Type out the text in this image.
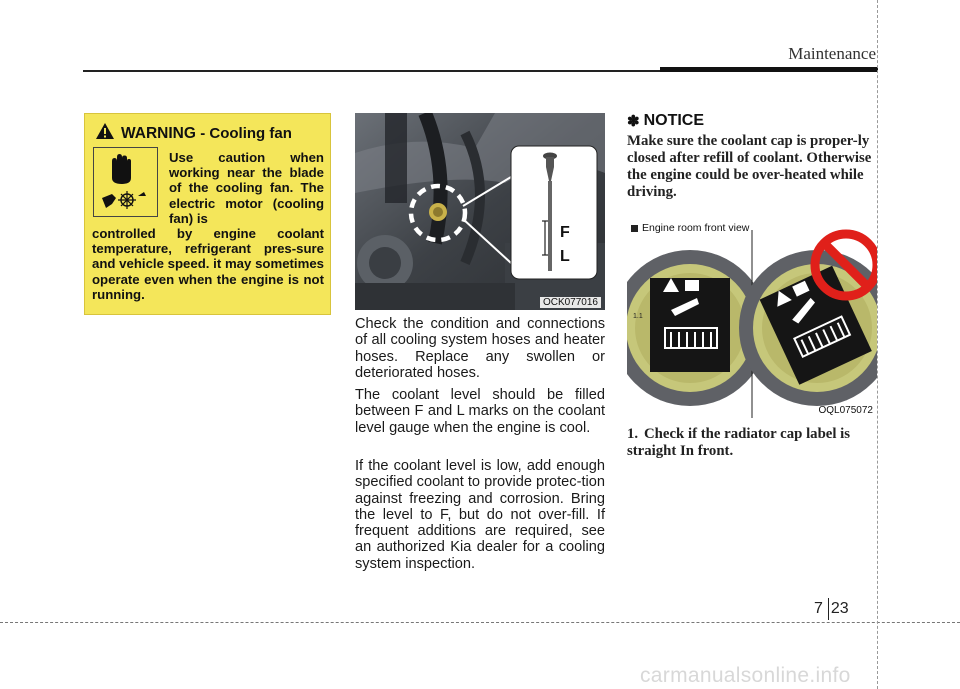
Maintenance
WARNING
- Cooling fan
Use caution when working near the blade of the cooling fan. The electric motor (cooling fan) is
controlled by engine coolant temperature, refrigerant pres-sure and vehicle speed. it may sometimes operate even when the engine is not running.
F
L
OCK077016
Check the condition and connections of all cooling system hoses and heater hoses. Replace any swollen or deteriorated hoses.
The coolant level should be filled between F and L marks on the coolant level gauge when the engine is cool.
If the coolant level is low, add enough specified coolant to provide protec-tion against freezing and corrosion. Bring the level to F, but do not over-fill. If frequent additions are required, see an authorized Kia dealer for a cooling system inspection.
✽ NOTICE
Make sure the coolant cap is proper-ly closed after refill of coolant. Otherwise the engine could be over-heated while driving.
1.1
Engine room front view
OQL075072
1. Check if the radiator cap label is straight In front.
7 23
carmanualsonline.info
